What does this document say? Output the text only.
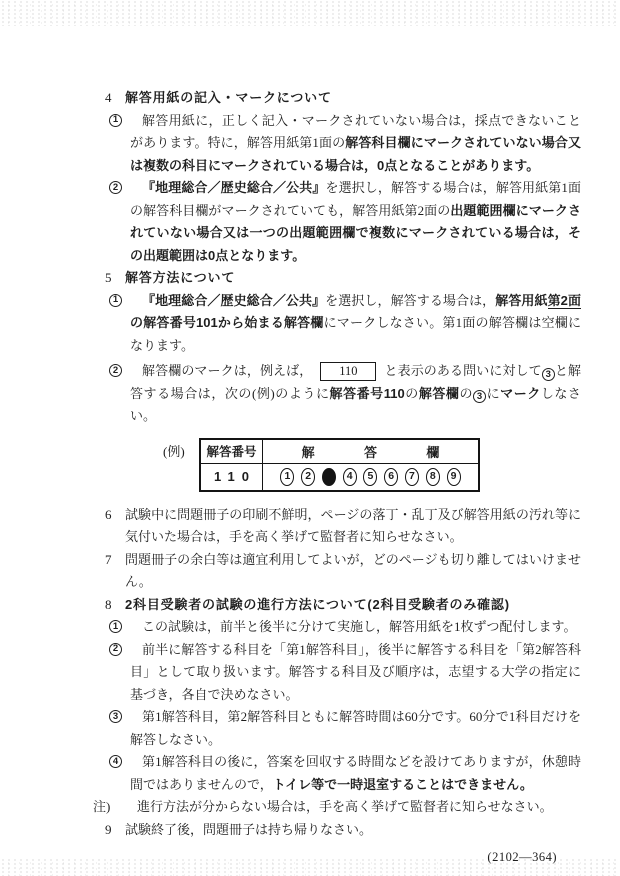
4 解答用紙の記入・マークについて
1 解答用紙に，正しく記入・マークされていない場合は，採点できないことがあります。特に，解答用紙第1面の解答科目欄にマークされていない場合又は複数の科目にマークされている場合は，0点となることがあります。
2 『地理総合／歴史総合／公共』を選択し，解答する場合は，解答用紙第1面の解答科目欄がマークされていても，解答用紙第2面の出題範囲欄にマークされていない場合又は一つの出題範囲欄で複数にマークされている場合は，その出題範囲は0点となります。
5 解答方法について
1 『地理総合／歴史総合／公共』を選択し，解答する場合は，解答用紙第2面の解答番号101から始まる解答欄にマークしなさい。第1面の解答欄は空欄になります。
2 解答欄のマークは，例えば， 110 と表示のある問いに対して 3 と解答する場合は，次の(例)のように解答番号110の解答欄の 3 にマークしなさい。
(例)	解答番号	解	答	欄
110	1	2	3	4	5	6	7	8	9
6 試験中に問題冊子の印刷不鮮明，ページの落丁・乱丁及び解答用紙の汚れ等に気付いた場合は，手を高く挙げて監督者に知らせなさい。
7 問題冊子の余白等は適宜利用してよいが，どのページも切り離してはいけません。
8 2科目受験者の試験の進行方法について(2科目受験者のみ確認)
1 この試験は，前半と後半に分けて実施し，解答用紙を1枚ずつ配付します。
2 前半に解答する科目を「第1解答科目」，後半に解答する科目を「第2解答科目」として取り扱います。解答する科目及び順序は，志望する大学の指定に基づき，各自で決めなさい。
3 第1解答科目，第2解答科目ともに解答時間は60分です。60分で1科目だけを解答しなさい。
4 第1解答科目の後に，答案を回収する時間などを設けてありますが，休憩時間ではありませんので，トイレ等で一時退室することはできません。
注) 進行方法が分からない場合は，手を高く挙げて監督者に知らせなさい。
9 試験終了後，問題冊子は持ち帰りなさい。
(2102—364)
